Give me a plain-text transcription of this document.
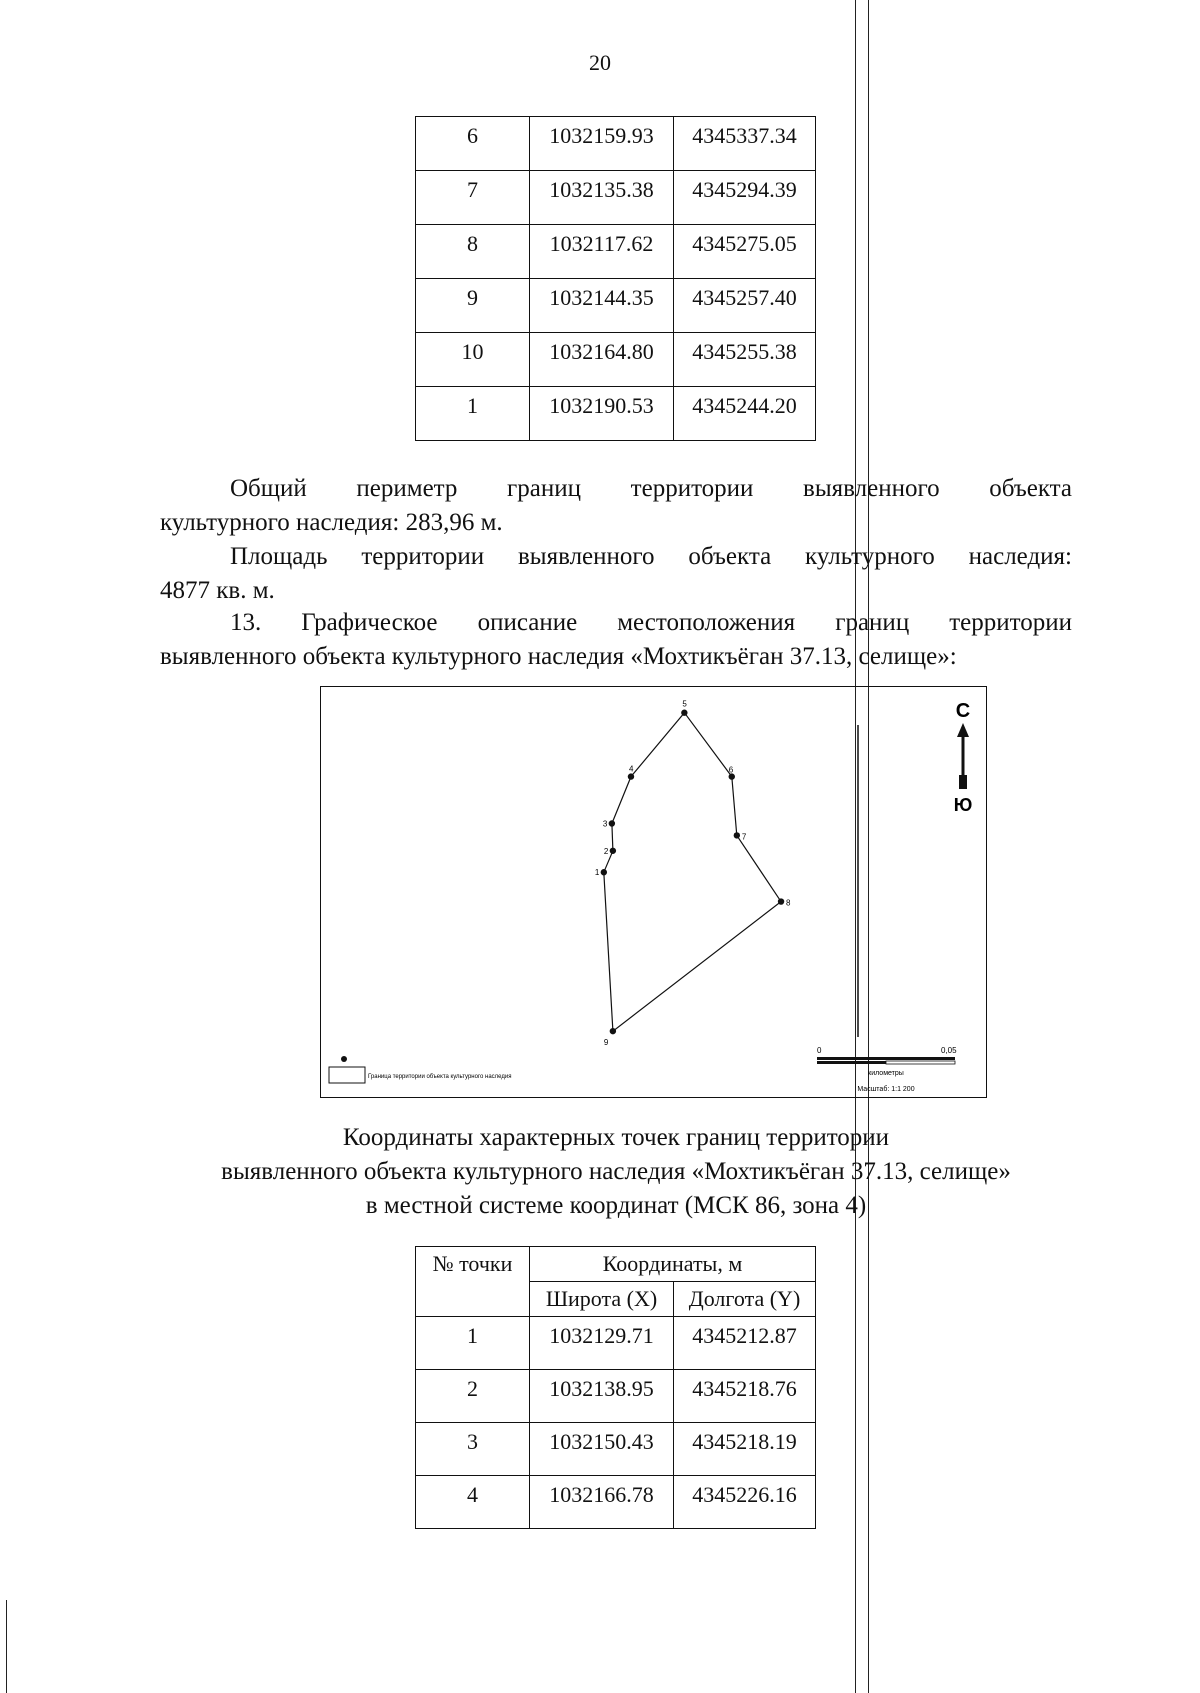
20
6	1032159.93	4345337.34
7	1032135.38	4345294.39
8	1032117.62	4345275.05
9	1032144.35	4345257.40
10	1032164.80	4345255.38
1	1032190.53	4345244.20
Общий периметр границ территории выявленного объекта
культурного наследия: 283,96 м.
Площадь территории выявленного объекта культурного наследия:
4877 кв. м.
13. Графическое описание местоположения границ территории
выявленного объекта культурного наследия «Мохтикъёган 37.13, селище»:
1
2
3
4
5
6
7
8
9
С
Ю
0	0,05
километры
Масштаб: 1:1 200
Граница территории объекта культурного наследия
Координаты характерных точек границ территории
выявленного объекта культурного наследия «Мохтикъёган 37.13, селище»
в местной системе координат (МСК 86, зона 4)
№ точки	Координаты, м	
	Широта (X)	Долгота (Y)
1	1032129.71	4345212.87
2	1032138.95	4345218.76
3	1032150.43	4345218.19
4	1032166.78	4345226.16
